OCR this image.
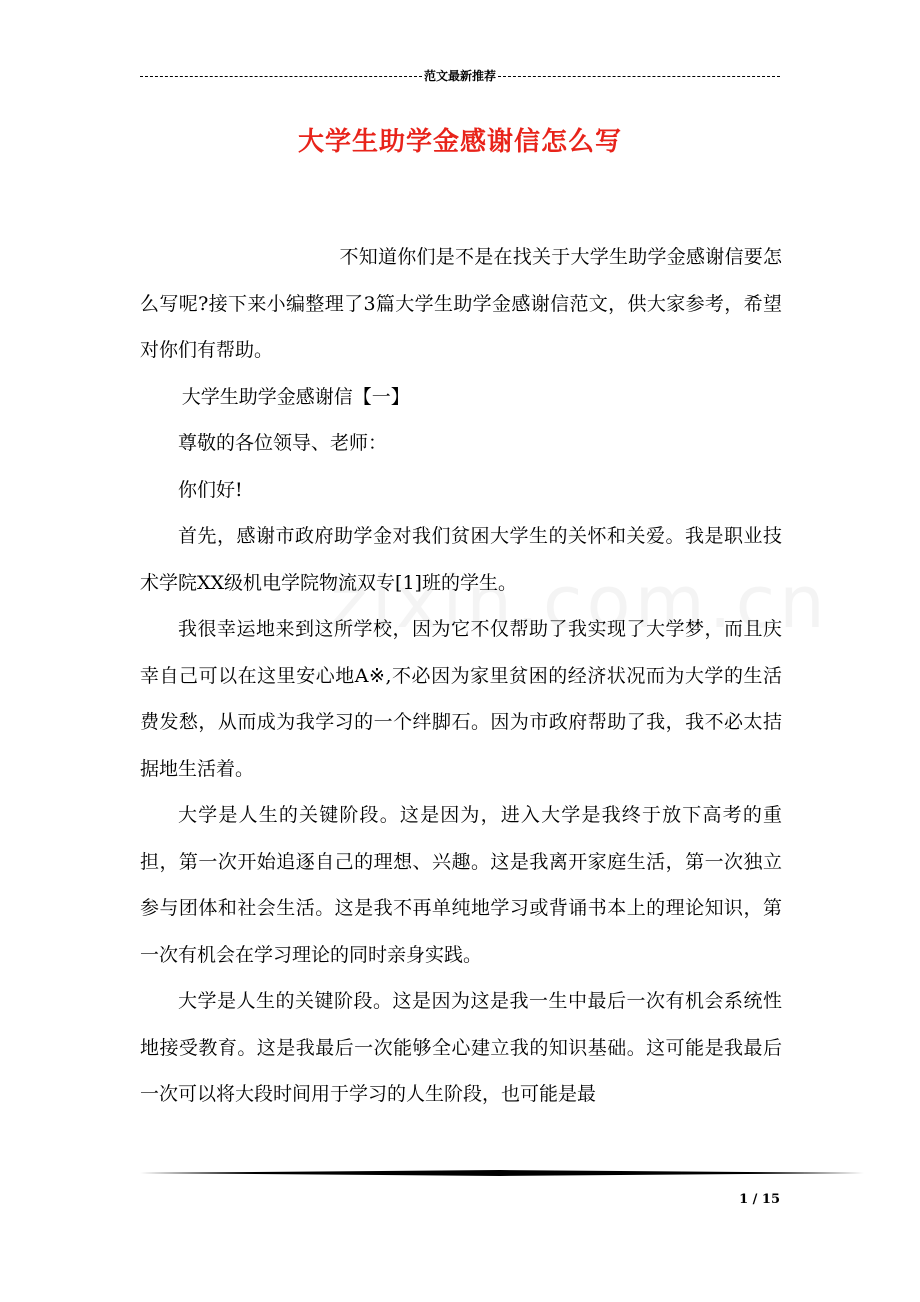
范文最新推荐
大学生助学金感谢信怎么写

不知道你们是不是在找关于大学生助学金感谢信要怎么写呢?接下来小编整理了3篇大学生助学金感谢信范文，供大家参考，希望对你们有帮助。

大学生助学金感谢信【一】

尊敬的各位领导、老师：

你们好!

首先，感谢市政府助学金对我们贫困大学生的关怀和关爱。我是职业技术学院XX级机电学院物流双专[1]班的学生。

我很幸运地来到这所学校，因为它不仅帮助了我实现了大学梦，而且庆幸自己可以在这里安心地A※,不必因为家里贫困的经济状况而为大学的生活费发愁，从而成为我学习的一个绊脚石。因为市政府帮助了我，我不必太拮据地生活着。

大学是人生的关键阶段。这是因为，进入大学是我终于放下高考的重担，第一次开始追逐自己的理想、兴趣。这是我离开家庭生活，第一次独立参与团体和社会生活。这是我不再单纯地学习或背诵书本上的理论知识，第一次有机会在学习理论的同时亲身实践。

大学是人生的关键阶段。这是因为这是我一生中最后一次有机会系统性地接受教育。这是我最后一次能够全心建立我的知识基础。这可能是我最后一次可以将大段时间用于学习的人生阶段，也可能是最

1 / 15
